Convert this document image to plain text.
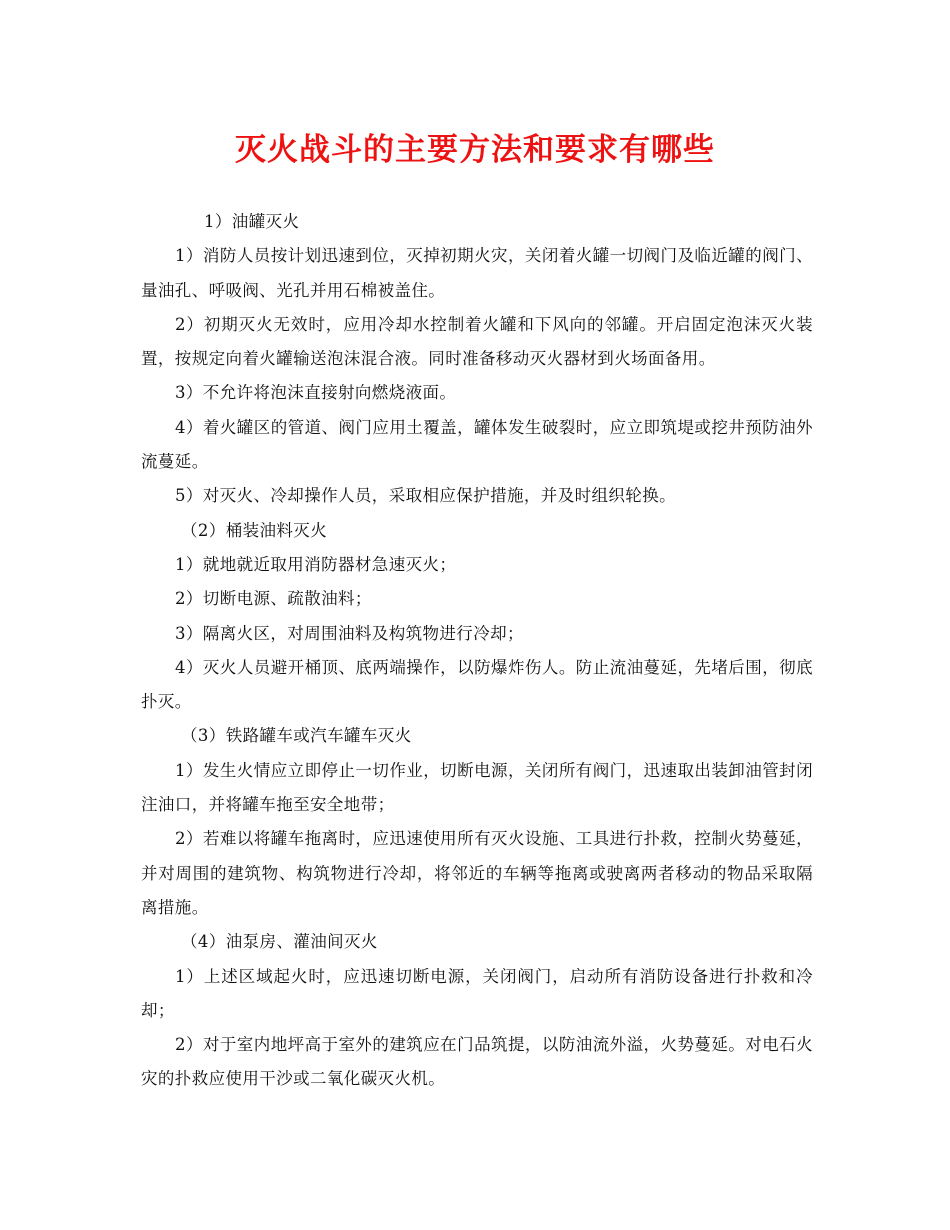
灭火战斗的主要方法和要求有哪些

1）油罐灭火

1）消防人员按计划迅速到位，灭掉初期火灾，关闭着火罐一切阀门及临近罐的阀门、量油孔、呼吸阀、光孔并用石棉被盖住。

2）初期灭火无效时，应用冷却水控制着火罐和下风向的邻罐。开启固定泡沫灭火装置，按规定向着火罐输送泡沫混合液。同时准备移动灭火器材到火场面备用。

3）不允许将泡沫直接射向燃烧液面。

4）着火罐区的管道、阀门应用土覆盖，罐体发生破裂时，应立即筑堤或挖井预防油外流蔓延。

5）对灭火、冷却操作人员，采取相应保护措施，并及时组织轮换。

（2）桶装油料灭火

1）就地就近取用消防器材急速灭火；

2）切断电源、疏散油料；

3）隔离火区，对周围油料及构筑物进行冷却；

4）灭火人员避开桶顶、底两端操作，以防爆炸伤人。防止流油蔓延，先堵后围，彻底扑灭。

（3）铁路罐车或汽车罐车灭火

1）发生火情应立即停止一切作业，切断电源，关闭所有阀门，迅速取出装卸油管封闭注油口，并将罐车拖至安全地带；

2）若难以将罐车拖离时，应迅速使用所有灭火设施、工具进行扑救，控制火势蔓延，并对周围的建筑物、构筑物进行冷却，将邻近的车辆等拖离或驶离两者移动的物品采取隔离措施。

（4）油泵房、灌油间灭火

1）上述区域起火时，应迅速切断电源，关闭阀门，启动所有消防设备进行扑救和冷却；

2）对于室内地坪高于室外的建筑应在门品筑提，以防油流外溢，火势蔓延。对电石火灾的扑救应使用干沙或二氧化碳灭火机。
